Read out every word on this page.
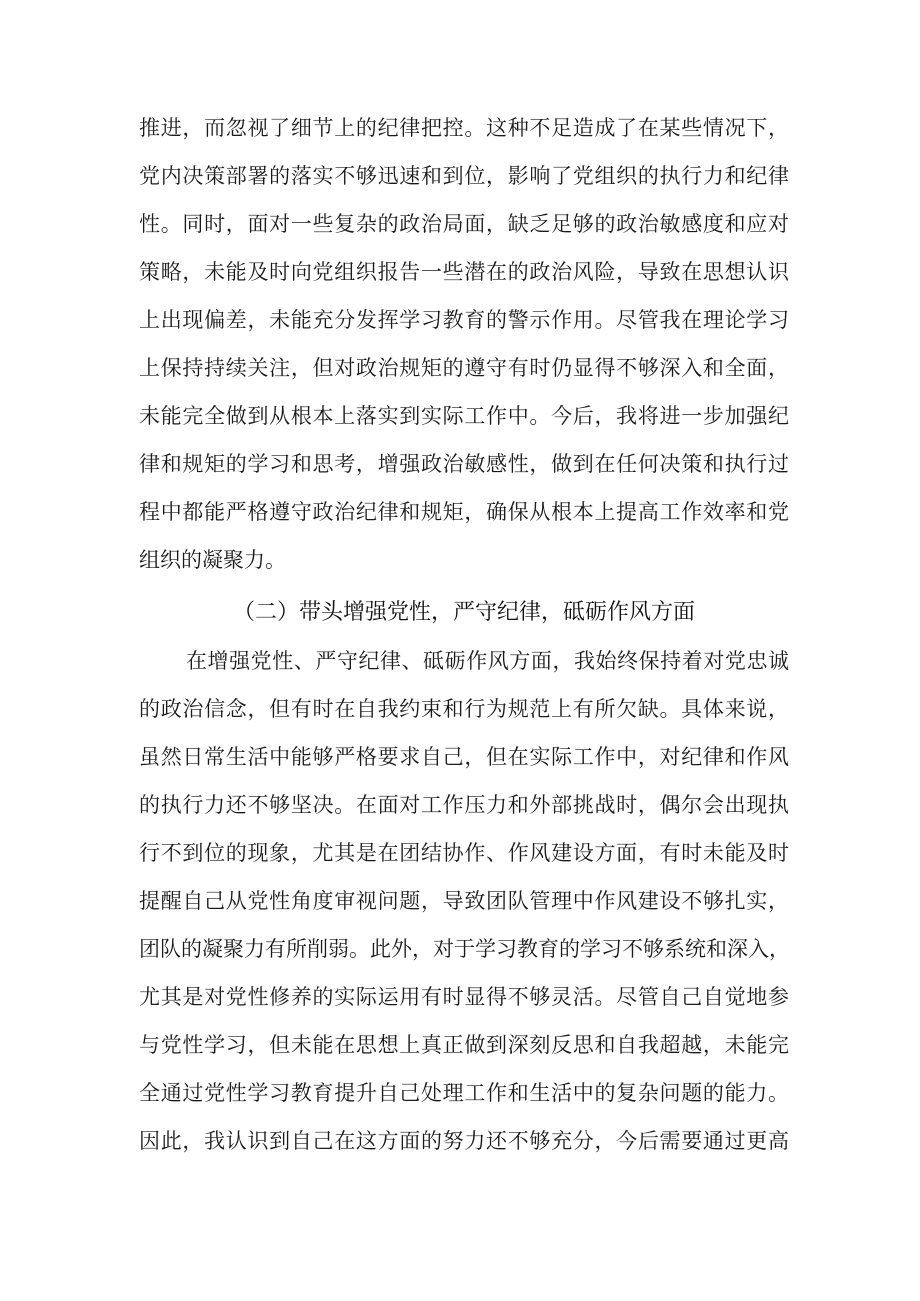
推进，而忽视了细节上的纪律把控。这种不足造成了在某些情况下，
党内决策部署的落实不够迅速和到位，影响了党组织的执行力和纪律
性。同时，面对一些复杂的政治局面，缺乏足够的政治敏感度和应对
策略，未能及时向党组织报告一些潜在的政治风险，导致在思想认识
上出现偏差，未能充分发挥学习教育的警示作用。尽管我在理论学习
上保持持续关注，但对政治规矩的遵守有时仍显得不够深入和全面，
未能完全做到从根本上落实到实际工作中。今后，我将进一步加强纪
律和规矩的学习和思考，增强政治敏感性，做到在任何决策和执行过
程中都能严格遵守政治纪律和规矩，确保从根本上提高工作效率和党
组织的凝聚力。
（二）带头增强党性，严守纪律，砥砺作风方面
在增强党性、严守纪律、砥砺作风方面，我始终保持着对党忠诚
的政治信念，但有时在自我约束和行为规范上有所欠缺。具体来说，
虽然日常生活中能够严格要求自己，但在实际工作中，对纪律和作风
的执行力还不够坚决。在面对工作压力和外部挑战时，偶尔会出现执
行不到位的现象，尤其是在团结协作、作风建设方面，有时未能及时
提醒自己从党性角度审视问题，导致团队管理中作风建设不够扎实，
团队的凝聚力有所削弱。此外，对于学习教育的学习不够系统和深入，
尤其是对党性修养的实际运用有时显得不够灵活。尽管自己自觉地参
与党性学习，但未能在思想上真正做到深刻反思和自我超越，未能完
全通过党性学习教育提升自己处理工作和生活中的复杂问题的能力。
因此，我认识到自己在这方面的努力还不够充分，今后需要通过更高
